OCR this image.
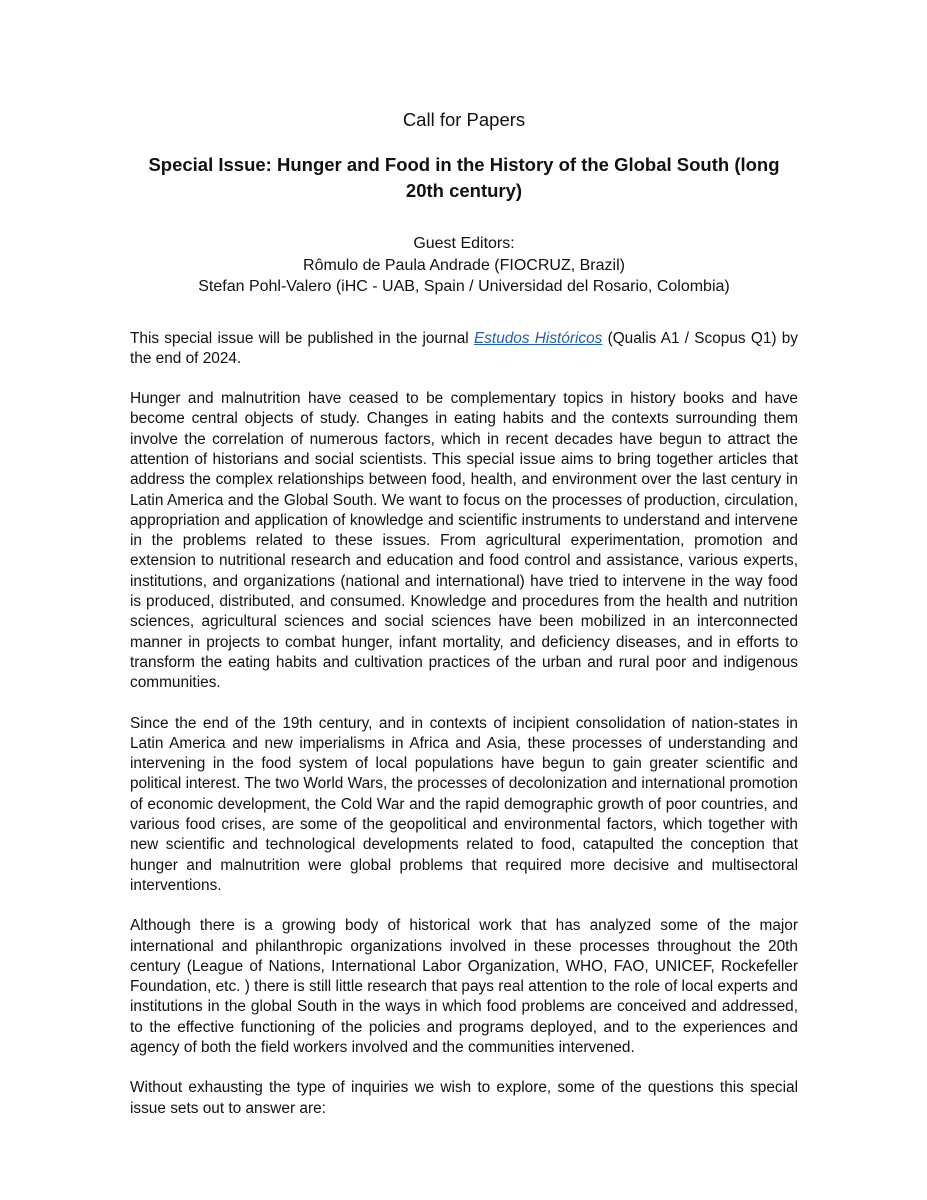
Call for Papers
Special Issue: Hunger and Food in the History of the Global South (long 20th century)
Guest Editors:
Rômulo de Paula Andrade (FIOCRUZ, Brazil)
Stefan Pohl-Valero (iHC - UAB, Spain / Universidad del Rosario, Colombia)

This special issue will be published in the journal Estudos Históricos (Qualis A1 / Scopus Q1) by the end of 2024.

Hunger and malnutrition have ceased to be complementary topics in history books and have become central objects of study. Changes in eating habits and the contexts surrounding them involve the correlation of numerous factors, which in recent decades have begun to attract the attention of historians and social scientists. This special issue aims to bring together articles that address the complex relationships between food, health, and environment over the last century in Latin America and the Global South. We want to focus on the processes of production, circulation, appropriation and application of knowledge and scientific instruments to understand and intervene in the problems related to these issues. From agricultural experimentation, promotion and extension to nutritional research and education and food control and assistance, various experts, institutions, and organizations (national and international) have tried to intervene in the way food is produced, distributed, and consumed. Knowledge and procedures from the health and nutrition sciences, agricultural sciences and social sciences have been mobilized in an interconnected manner in projects to combat hunger, infant mortality, and deficiency diseases, and in efforts to transform the eating habits and cultivation practices of the urban and rural poor and indigenous communities.

Since the end of the 19th century, and in contexts of incipient consolidation of nation-states in Latin America and new imperialisms in Africa and Asia, these processes of understanding and intervening in the food system of local populations have begun to gain greater scientific and political interest. The two World Wars, the processes of decolonization and international promotion of economic development, the Cold War and the rapid demographic growth of poor countries, and various food crises, are some of the geopolitical and environmental factors, which together with new scientific and technological developments related to food, catapulted the conception that hunger and malnutrition were global problems that required more decisive and multisectoral interventions.

Although there is a growing body of historical work that has analyzed some of the major international and philanthropic organizations involved in these processes throughout the 20th century (League of Nations, International Labor Organization, WHO, FAO, UNICEF, Rockefeller Foundation, etc. ) there is still little research that pays real attention to the role of local experts and institutions in the global South in the ways in which food problems are conceived and addressed, to the effective functioning of the policies and programs deployed, and to the experiences and agency of both the field workers involved and the communities intervened.

Without exhausting the type of inquiries we wish to explore, some of the questions this special issue sets out to answer are:
